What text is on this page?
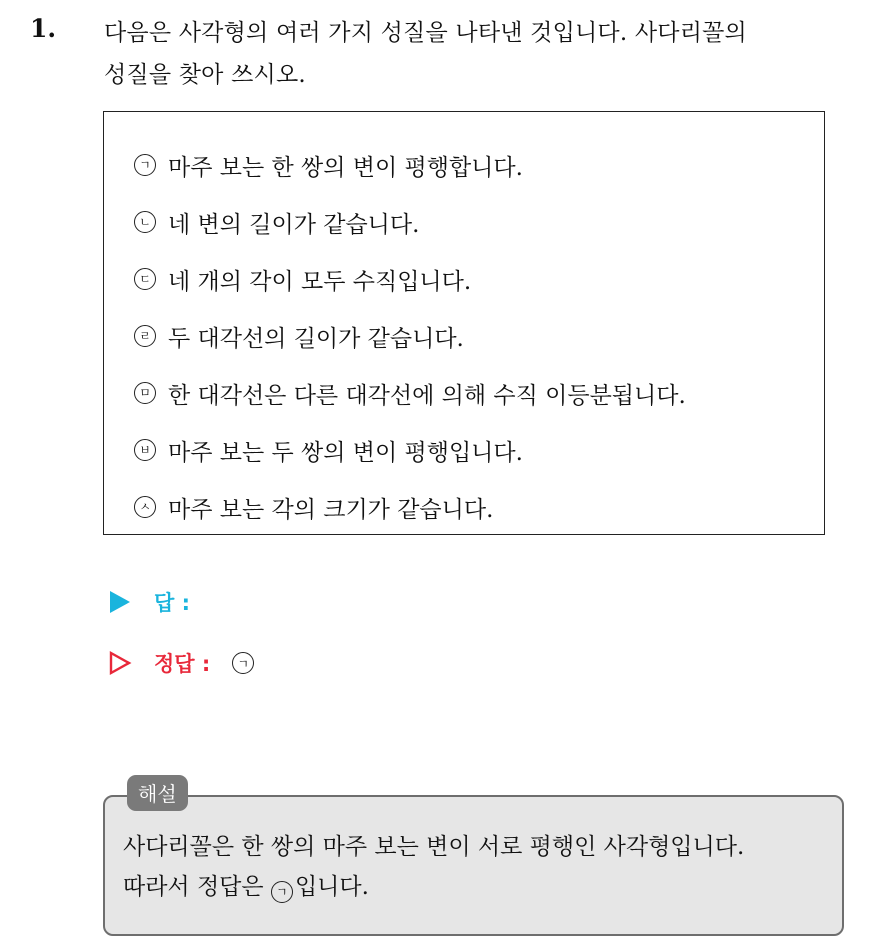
1. 다음은 사각형의 여러 가지 성질을 나타낸 것입니다. 사다리꼴의
성질을 찾아 쓰시오.
ㄱ 마주 보는 한 쌍의 변이 평행합니다.
ㄴ 네 변의 길이가 같습니다.
ㄷ 네 개의 각이 모두 수직입니다.
ㄹ 두 대각선의 길이가 같습니다.
ㅁ 한 대각선은 다른 대각선에 의해 수직 이등분됩니다.
ㅂ 마주 보는 두 쌍의 변이 평행입니다.
ㅅ 마주 보는 각의 크기가 같습니다.
답 :
정답 :	ㄱ
해설
사다리꼴은 한 쌍의 마주 보는 변이 서로 평행인 사각형입니다.
따라서 정답은 ㄱ 입니다.
